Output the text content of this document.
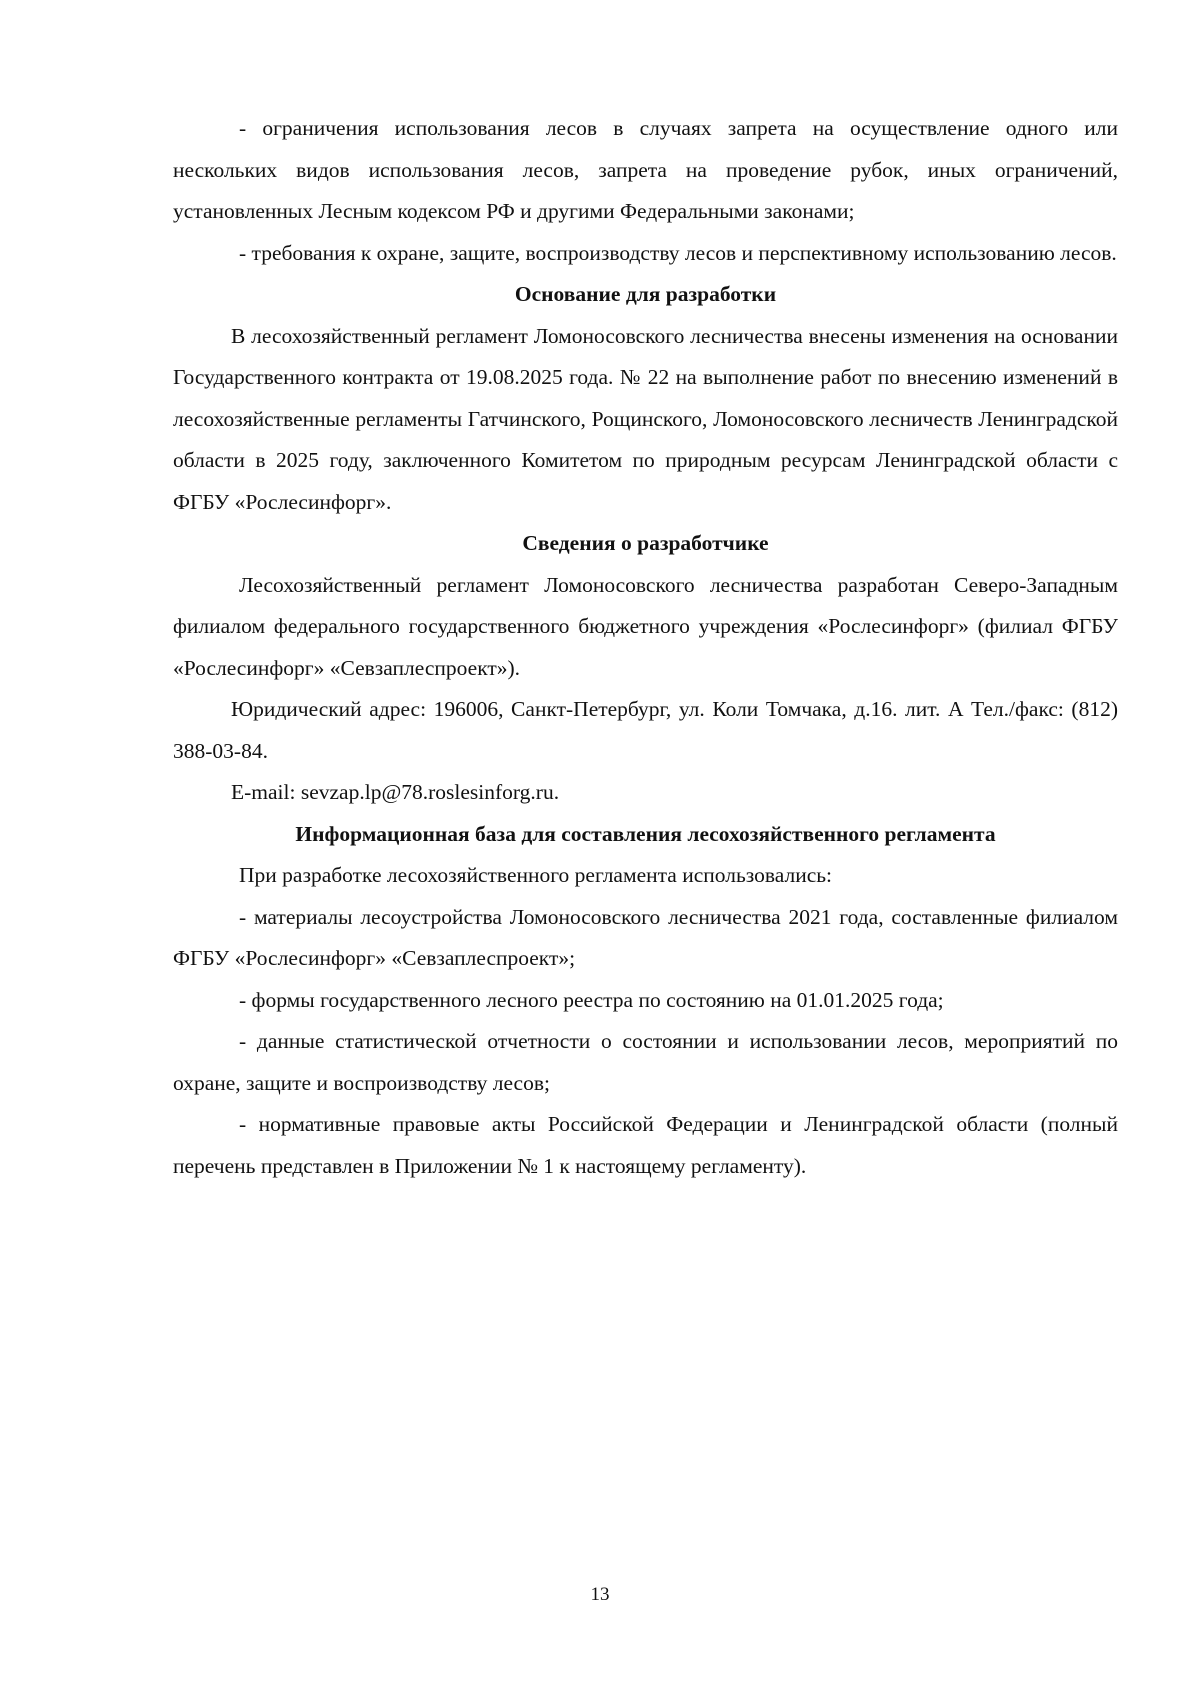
- ограничения использования лесов в случаях запрета на осуществление одного или нескольких видов использования лесов, запрета на проведение рубок, иных ограничений, установленных Лесным кодексом РФ и другими Федеральными законами;

- требования к охране, защите, воспроизводству лесов и перспективному использованию лесов.

Основание для разработки

В лесохозяйственный регламент Ломоносовского лесничества внесены изменения на основании Государственного контракта от 19.08.2025 года. № 22 на выполнение работ по внесению изменений в лесохозяйственные регламенты Гатчинского, Рощинского, Ломоносовского лесничеств Ленинградской области в 2025 году, заключенного Комитетом по природным ресурсам Ленинградской области с ФГБУ «Рослесинфорг».

Сведения о разработчике

Лесохозяйственный регламент Ломоносовского лесничества разработан Северо-Западным филиалом федерального государственного бюджетного учреждения «Рослесинфорг» (филиал ФГБУ «Рослесинфорг» «Севзаплеспроект»).

Юридический адрес: 196006, Санкт-Петербург, ул. Коли Томчака, д.16. лит. А Тел./факс: (812) 388-03-84.

E-mail: sevzap.lp@78.roslesinforg.ru.

Информационная база для составления лесохозяйственного регламента

При разработке лесохозяйственного регламента использовались:

- материалы лесоустройства Ломоносовского лесничества 2021 года, составленные филиалом ФГБУ «Рослесинфорг» «Севзаплеспроект»;

- формы государственного лесного реестра по состоянию на 01.01.2025 года;

- данные статистической отчетности о состоянии и использовании лесов, мероприятий по охране, защите и воспроизводству лесов;

- нормативные правовые акты Российской Федерации и Ленинградской области (полный перечень представлен в Приложении № 1 к настоящему регламенту).

13
